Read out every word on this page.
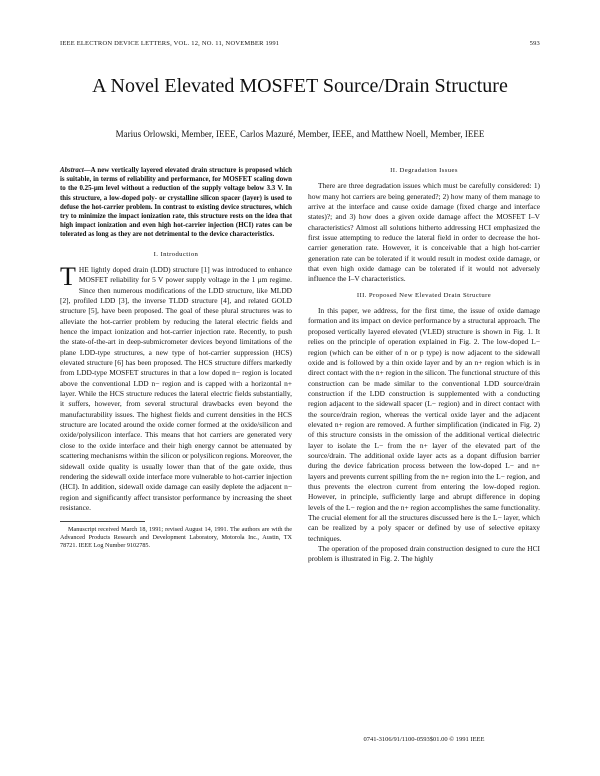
IEEE ELECTRON DEVICE LETTERS, VOL. 12, NO. 11, NOVEMBER 1991	593
A Novel Elevated MOSFET Source/Drain Structure
Marius Orlowski, Member, IEEE, Carlos Mazuré, Member, IEEE, and Matthew Noell, Member, IEEE
Abstract—A new vertically layered elevated drain structure is proposed which is suitable, in terms of reliability and performance, for MOSFET scaling down to the 0.25-μm level without a reduction of the supply voltage below 3.3 V. In this structure, a low-doped poly- or crystalline silicon spacer (layer) is used to defuse the hot-carrier problem. In contrast to existing device structures, which try to minimize the impact ionization rate, this structure rests on the idea that high impact ionization and even high hot-carrier injection (HCI) rates can be tolerated as long as they are not detrimental to the device characteristics.
I. Introduction

THE lightly doped drain (LDD) structure [1] was introduced to enhance MOSFET reliability for 5 V power supply voltage in the 1 μm regime. Since then numerous modifications of the LDD structure, like MLDD [2], profiled LDD [3], the inverse TLDD structure [4], and related GOLD structure [5], have been proposed. The goal of these plural structures was to alleviate the hot-carrier problem by reducing the lateral electric fields and hence the impact ionization and hot-carrier injection rate. Recently, to push the state-of-the-art in deep-submicrometer devices beyond limitations of the plane LDD-type structures, a new type of hot-carrier suppression (HCS) elevated structure [6] has been proposed. The HCS structure differs markedly from LDD-type MOSFET structures in that a low doped n− region is located above the conventional LDD n− region and is capped with a horizontal n+ layer. While the HCS structure reduces the lateral electric fields substantially, it suffers, however, from several structural drawbacks even beyond the manufacturability issues. The highest fields and current densities in the HCS structure are located around the oxide corner formed at the oxide/silicon and oxide/polysilicon interface. This means that hot carriers are generated very close to the oxide interface and their high energy cannot be attenuated by scattering mechanisms within the silicon or polysilicon regions. Moreover, the sidewall oxide quality is usually lower than that of the gate oxide, thus rendering the sidewall oxide interface more vulnerable to hot-carrier injection (HCI). In addition, sidewall oxide damage can easily deplete the adjacent n− region and significantly affect transistor performance by increasing the sheet resistance.

Manuscript received March 18, 1991; revised August 14, 1991. The authors are with the Advanced Products Research and Development Laboratory, Motorola Inc., Austin, TX 78721. IEEE Log Number 9102785.
II. Degradation Issues

There are three degradation issues which must be carefully considered: 1) how many hot carriers are being generated?; 2) how many of them manage to arrive at the interface and cause oxide damage (fixed charge and interface states)?; and 3) how does a given oxide damage affect the MOSFET I–V characteristics? Almost all solutions hitherto addressing HCI emphasized the first issue attempting to reduce the lateral field in order to decrease the hot-carrier generation rate. However, it is conceivable that a high hot-carrier generation rate can be tolerated if it would result in modest oxide damage, or that even high oxide damage can be tolerated if it would not adversely influence the I–V characteristics.

III. Proposed New Elevated Drain Structure

In this paper, we address, for the first time, the issue of oxide damage formation and its impact on device performance by a structural approach. The proposed vertically layered elevated (VLED) structure is shown in Fig. 1. It relies on the principle of operation explained in Fig. 2. The low-doped L− region (which can be either of n or p type) is now adjacent to the sidewall oxide and is followed by a thin oxide layer and by an n+ region which is in direct contact with the n+ region in the silicon. The functional structure of this construction can be made similar to the conventional LDD source/drain construction if the LDD construction is supplemented with a conducting region adjacent to the sidewall spacer (L− region) and in direct contact with the source/drain region, whereas the vertical oxide layer and the adjacent elevated n+ region are removed. A further simplification (indicated in Fig. 2) of this structure consists in the omission of the additional vertical dielectric layer to isolate the L− from the n+ layer of the elevated part of the source/drain. The additional oxide layer acts as a dopant diffusion barrier during the device fabrication process between the low-doped L− and n+ layers and prevents current spilling from the n+ region into the L− region, and thus prevents the electron current from entering the low-doped region. However, in principle, sufficiently large and abrupt difference in doping levels of the L− region and the n+ region accomplishes the same functionality. The crucial element for all the structures discussed here is the L− layer, which can be realized by a poly spacer or defined by use of selective epitaxy techniques.

The operation of the proposed drain construction designed to cure the HCI problem is illustrated in Fig. 2. The highly

0741-3106/91/1100-0593$01.00 © 1991 IEEE
